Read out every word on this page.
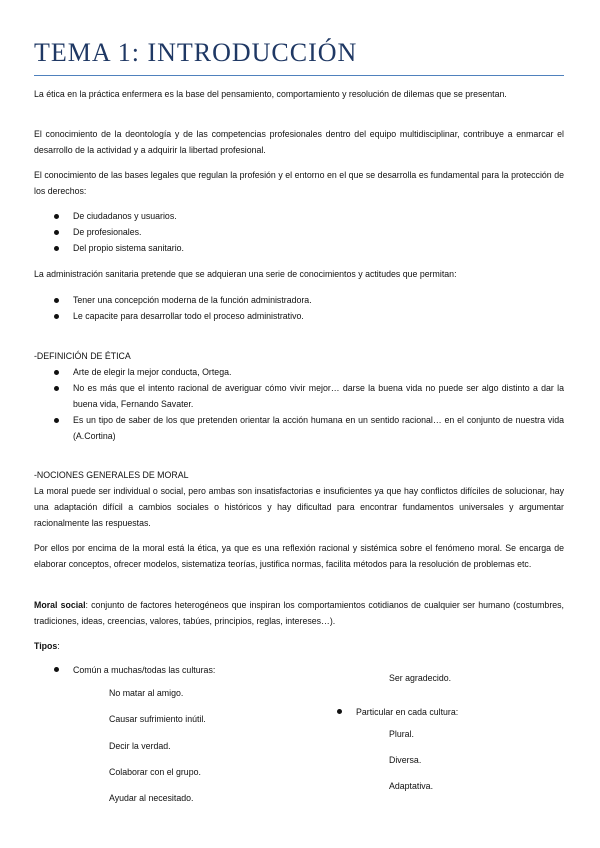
TEMA 1: INTRODUCCIÓN

La ética en la práctica enfermera es la base del pensamiento, comportamiento y resolución de dilemas que se presentan.

El conocimiento de la deontología y de las competencias profesionales dentro del equipo multidisciplinar, contribuye a enmarcar el desarrollo de la actividad y a adquirir la libertad profesional.

El conocimiento de las bases legales que regulan la profesión y el entorno en el que se desarrolla es fundamental para la protección de los derechos:

De ciudadanos y usuarios.
De profesionales.
Del propio sistema sanitario.

La administración sanitaria pretende que se adquieran una serie de conocimientos y actitudes que permitan:

Tener una concepción moderna de la función administradora.
Le capacite para desarrollar todo el proceso administrativo.
-DEFINICIÓN DE ÉTICA
Arte de elegir la mejor conducta, Ortega.
No es más que el intento racional de averiguar cómo vivir mejor… darse la buena vida no puede ser algo distinto a dar la buena vida, Fernando Savater.
Es un tipo de saber de los que pretenden orientar la acción humana en un sentido racional… en el conjunto de nuestra vida (A.Cortina)
-NOCIONES GENERALES DE MORAL

La moral puede ser individual o social, pero ambas son insatisfactorias e insuficientes ya que hay conflictos difíciles de solucionar, hay una adaptación difícil a cambios sociales o históricos y hay dificultad para encontrar fundamentos universales y argumentar racionalmente las respuestas.

Por ellos por encima de la moral está la ética, ya que es una reflexión racional y sistémica sobre el fenómeno moral. Se encarga de elaborar conceptos, ofrecer modelos, sistematiza teorías, justifica normas, facilita métodos para la resolución de problemas etc.

Moral social: conjunto de factores heterogéneos que inspiran los comportamientos cotidianos de cualquier ser humano (costumbres, tradiciones, ideas, creencias, valores, tabúes, principios, reglas, intereses…).

Tipos:
Común a muchas/todas las culturas:
No matar al amigo.
Causar sufrimiento inútil.
Decir la verdad.
Colaborar con el grupo.
Ayudar al necesitado.
Ser agradecido.
Particular en cada cultura:
Plural.
Diversa.
Adaptativa.
